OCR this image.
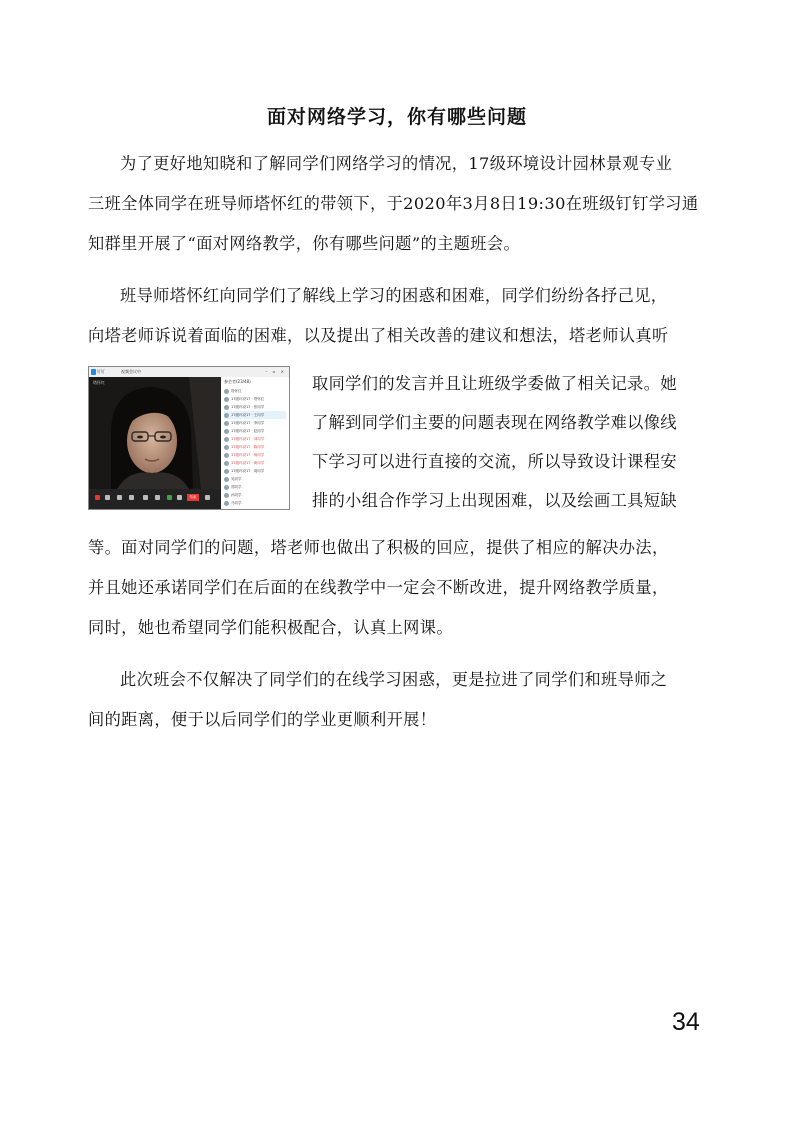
面对网络学习，你有哪些问题
为了更好地知晓和了解同学们网络学习的情况，17级环境设计园林景观专业
三班全体同学在班导师塔怀红的带领下，于2020年3月8日19:30在班级钉钉学习通
知群里开展了“面对网络教学，你有哪些问题”的主题班会。
班导师塔怀红向同学们了解线上学习的困惑和困难，同学们纷纷各抒己见，
向塔老师诉说着面临的困难，以及提出了相关改善的建议和想法，塔老师认真听
取同学们的发言并且让班级学委做了相关记录。她
了解到同学们主要的问题表现在网络教学难以像线
下学习可以进行直接的交流，所以导致设计课程安
排的小组合作学习上出现困难，以及绘画工具短缺
等。面对同学们的问题，塔老师也做出了积极的回应，提供了相应的解决办法，
并且她还承诺同学们在后面的在线教学中一定会不断改进，提升网络教学质量，
同时，她也希望同学们能积极配合，认真上网课。
此次班会不仅解决了同学们的在线学习困惑，更是拉进了同学们和班导师之
间的距离，便于以后同学们的学业更顺利开展！
钉钉	视频会议中	– ▫ ×
塔怀红
结束
参会者(23/48)
塔怀红
17级环设17 · 塔怀红
17级环设17 · 张同学
17级环设17 · 王同学
17级环设17 · 李同学
17级环设17 · 赵同学
17级环设17 · 刘同学
17级环设17 · 陈同学
17级环设17 · 杨同学
17级环设17 · 黄同学
17级环设17 · 周同学
吴同学
郑同学
孙同学
马同学
34
